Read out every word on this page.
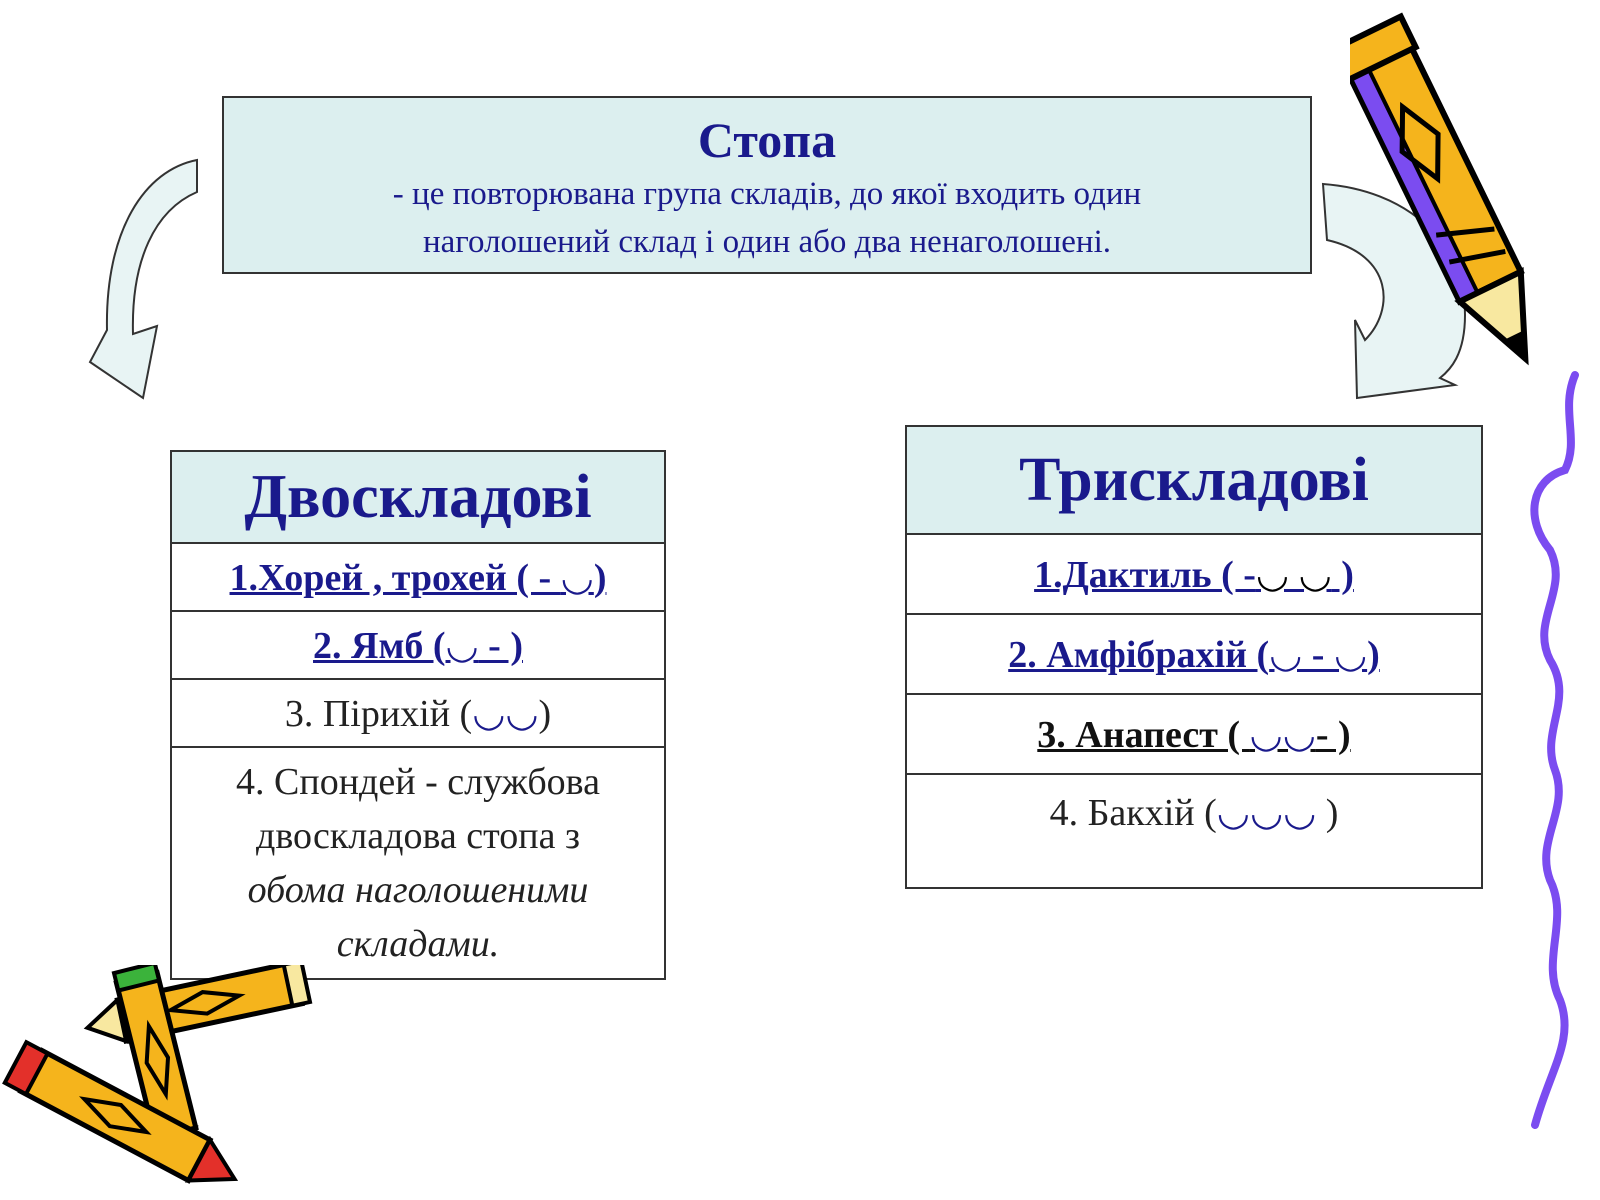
Стопа
- це повторювана група складів, до якої входить один
наголошений склад і один або два ненаголошені.
Двоскладові
1.Хорей , трохей ( - ◡)
2. Ямб (◡ - )
3. Пірихій (◡◡)

4. Спондей - службова
двоскладова стопа з
обома наголошеними
складами.
Трискладові
1.Дактиль ( -◡ ◡ )
2. Амфібрахій (◡ - ◡)
3. Анапест ( ◡◡- )
4. Бакхій (◡◡◡ )
